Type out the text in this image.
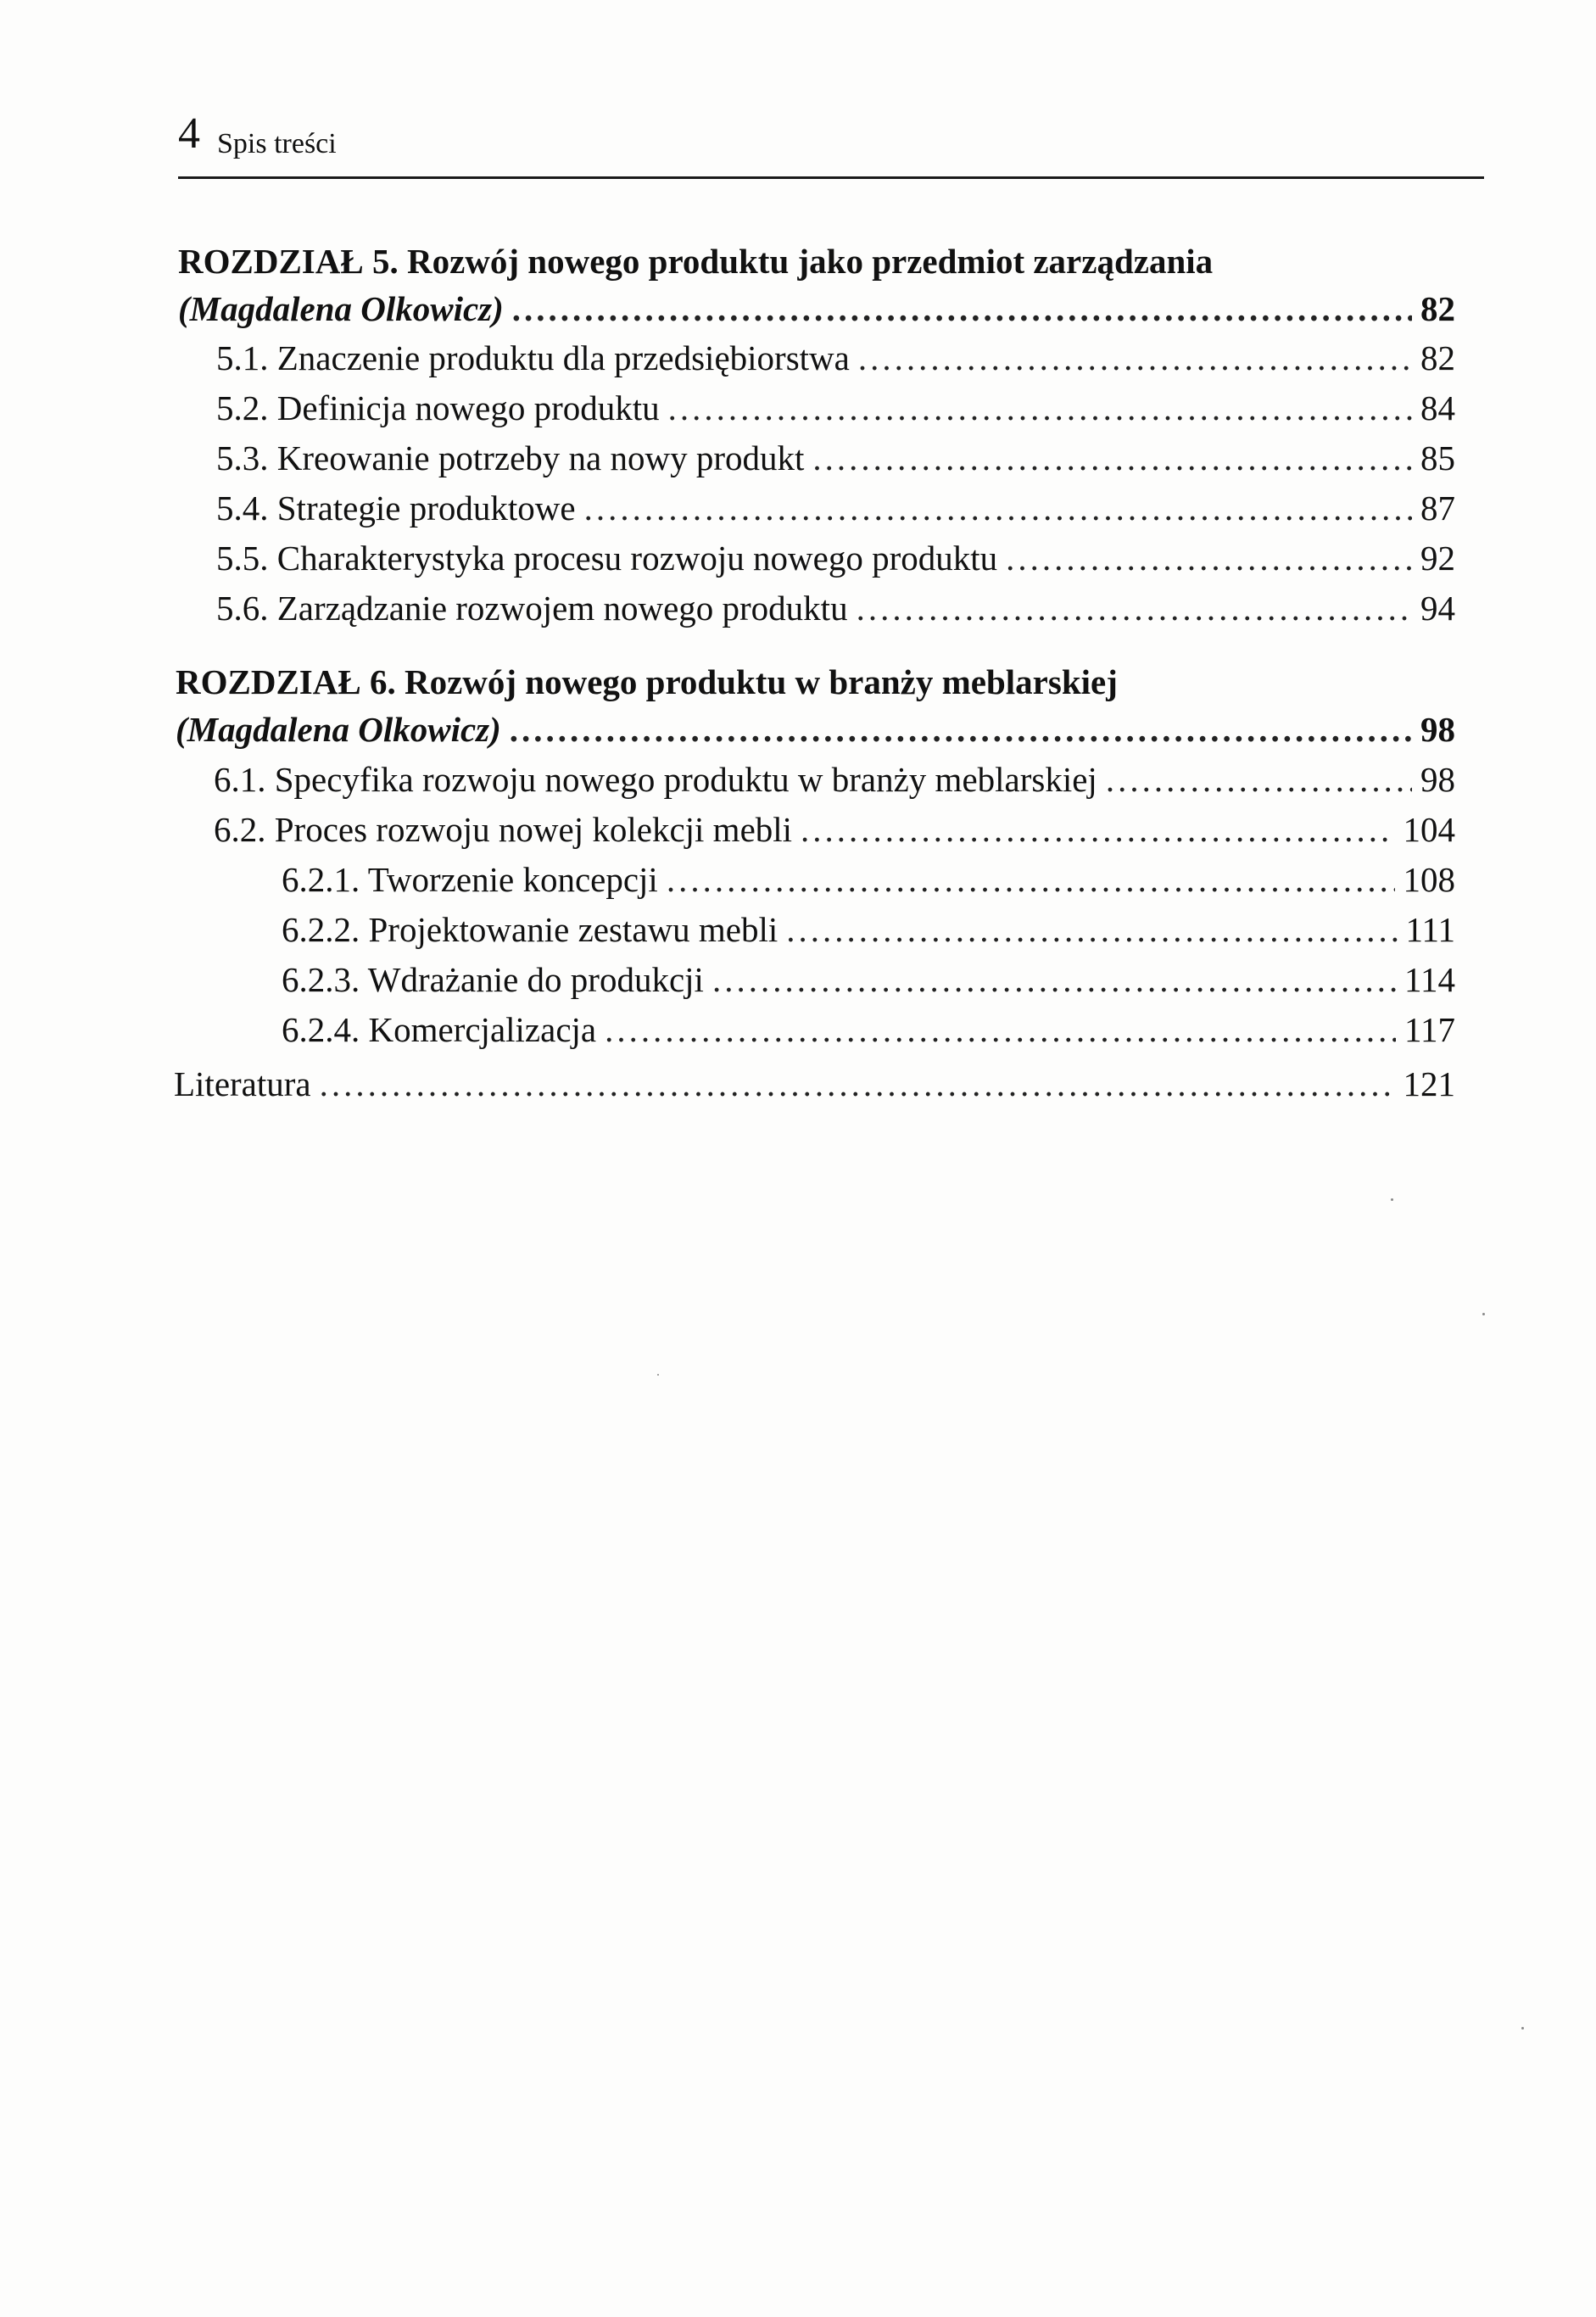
4 Spis treści
ROZDZIAŁ 5. Rozwój nowego produktu jako przedmiot zarządzania
(Magdalena Olkowicz) .....	82
5.1. Znaczenie produktu dla przedsiębiorstwa .....	82
5.2. Definicja nowego produktu .....	84
5.3. Kreowanie potrzeby na nowy produkt .....	85
5.4. Strategie produktowe .....	87
5.5. Charakterystyka procesu rozwoju nowego produktu .....	92
5.6. Zarządzanie rozwojem nowego produktu .....	94
ROZDZIAŁ 6. Rozwój nowego produktu w branży meblarskiej
(Magdalena Olkowicz) .....	98
6.1. Specyfika rozwoju nowego produktu w branży meblarskiej .....	98
6.2. Proces rozwoju nowej kolekcji mebli .....	104
6.2.1. Tworzenie koncepcji .....	108
6.2.2. Projektowanie zestawu mebli .....	111
6.2.3. Wdrażanie do produkcji .....	114
6.2.4. Komercjalizacja .....	117
Literatura .....	121
